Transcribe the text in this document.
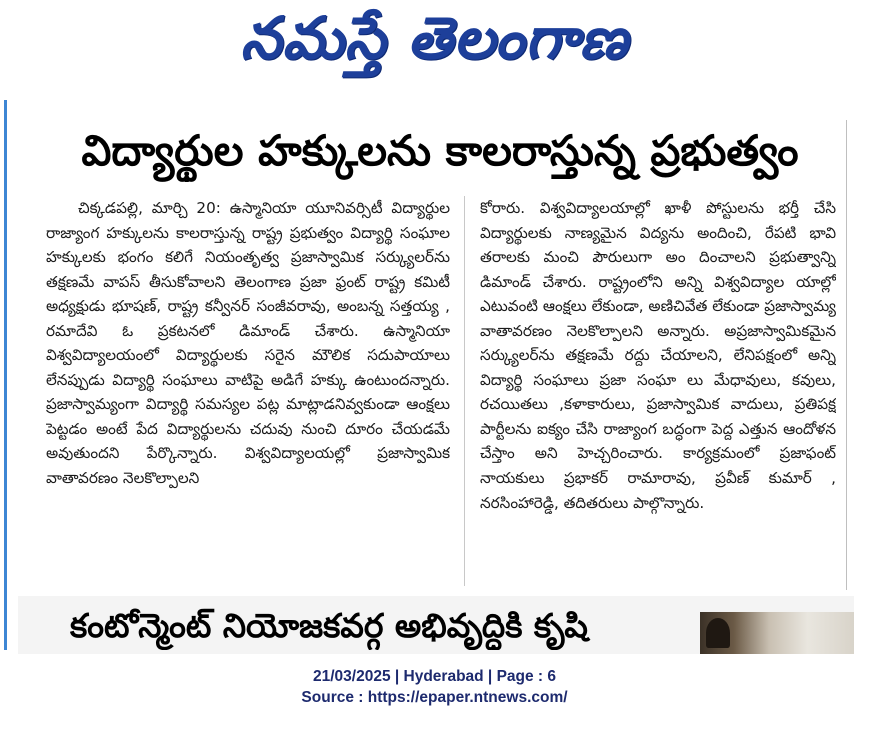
నమస్తే తెలంగాణ
విద్యార్థుల హక్కులను కాలరాస్తున్న ప్రభుత్వం

చిక్కడపల్లి, మార్చి 20: ఉస్మానియా యూనివర్సిటీ విద్యార్థుల రాజ్యాంగ హక్కులను కాలరాస్తున్న రాష్ట్ర ప్రభుత్వం విద్యార్థి సంఘాల హక్కులకు భంగం కలిగే నియంతృత్వ ప్రజాస్వామిక సర్క్యులర్‌ను తక్షణమే వాపస్ తీసుకోవాలని తెలంగాణ ప్రజా ఫ్రంట్ రాష్ట్ర కమిటీ అధ్యక్షుడు భూషణ్, రాష్ట్ర కన్వీనర్ సంజీవరావు, అంబన్న సత్తయ్య , రమాదేవి ఓ ప్రకటనలో డిమాండ్ చేశారు. ఉస్మానియా విశ్వవిద్యాలయంలో విద్యార్థులకు సరైన మౌలిక సదుపాయాలు లేనప్పుడు విద్యార్థి సంఘాలు వాటిపై అడిగే హక్కు ఉంటుందన్నారు. ప్రజాస్వామ్యంగా విద్యార్థి సమస్యల పట్ల మాట్లాడనివ్వకుండా ఆంక్షలు పెట్టడం అంటే పేద విద్యార్థులను చదువు నుంచి దూరం చేయడమే అవుతుందని పేర్కొన్నారు. విశ్వవిద్యాలయల్లో ప్రజాస్వామిక వాతావరణం నెలకొల్పాలని

కోరారు. విశ్వవిద్యాలయాల్లో ఖాళీ పోస్టులను భర్తీ చేసి విద్యార్థులకు నాణ్యమైన విద్యను అందించి, రేపటి భావి తరాలకు మంచి పౌరులుగా అం దించాలని ప్రభుత్వాన్ని డిమాండ్ చేశారు. రాష్ట్రంలోని అన్ని విశ్వవిద్యాల యాల్లో ఎటువంటి ఆంక్షలు లేకుండా, అణిచివేత లేకుండా ప్రజాస్వామ్య వాతావరణం నెలకొల్పాలని అన్నారు. అప్రజాస్వామికమైన సర్క్యులర్‌ను తక్షణమే రద్దు చేయాలని, లేనిపక్షంలో అన్ని విద్యార్థి సంఘాలు ప్రజా సంఘా లు మేధావులు, కవులు, రచయితలు ,కళాకారులు, ప్రజాస్వామిక వాదులు, ప్రతిపక్ష పార్టీలను ఐక్యం చేసి రాజ్యాంగ బద్ధంగా పెద్ద ఎత్తున ఆందోళన చేస్తాం అని హెచ్చరించారు. కార్యక్రమంలో ప్రజాఫంట్ నాయకులు ప్రభాకర్ రామారావు, ప్రవీణ్ కుమార్ , నరసింహారెడ్డి, తదితరులు పాల్గొన్నారు.

కంటోన్మెంట్ నియోజకవర్గ అభివృద్ధికి కృషి
21/03/2025 | Hyderabad | Page : 6
Source : https://epaper.ntnews.com/
